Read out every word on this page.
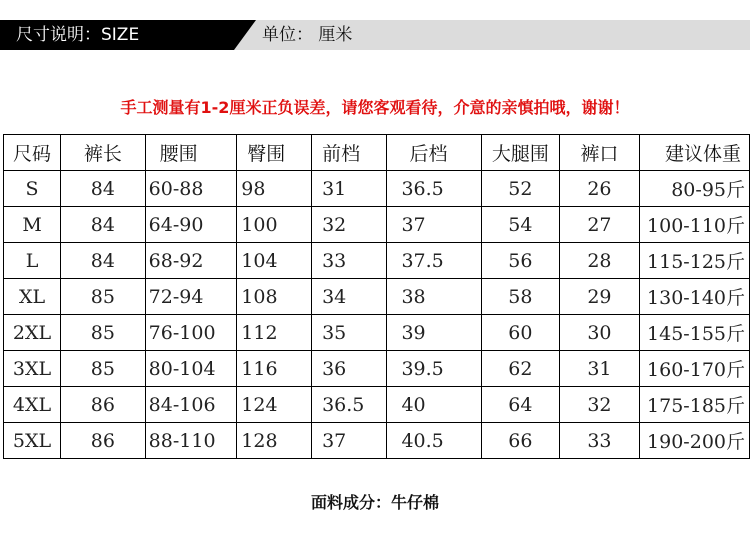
尺寸说明：SIZE	单位： 厘米
手工测量有1-2厘米正负误差，请您客观看待，介意的亲慎拍哦，谢谢！
尺码	裤长	腰围	臀围	前档	后档	大腿围	裤口	建议体重
S	84	60-88	98	31	36.5	52	26	80-95斤
M	84	64-90	100	32	37	54	27	100-110斤
L	84	68-92	104	33	37.5	56	28	115-125斤
XL	85	72-94	108	34	38	58	29	130-140斤
2XL	85	76-100	112	35	39	60	30	145-155斤
3XL	85	80-104	116	36	39.5	62	31	160-170斤
4XL	86	84-106	124	36.5	40	64	32	175-185斤
5XL	86	88-110	128	37	40.5	66	33	190-200斤
面料成分：牛仔棉
